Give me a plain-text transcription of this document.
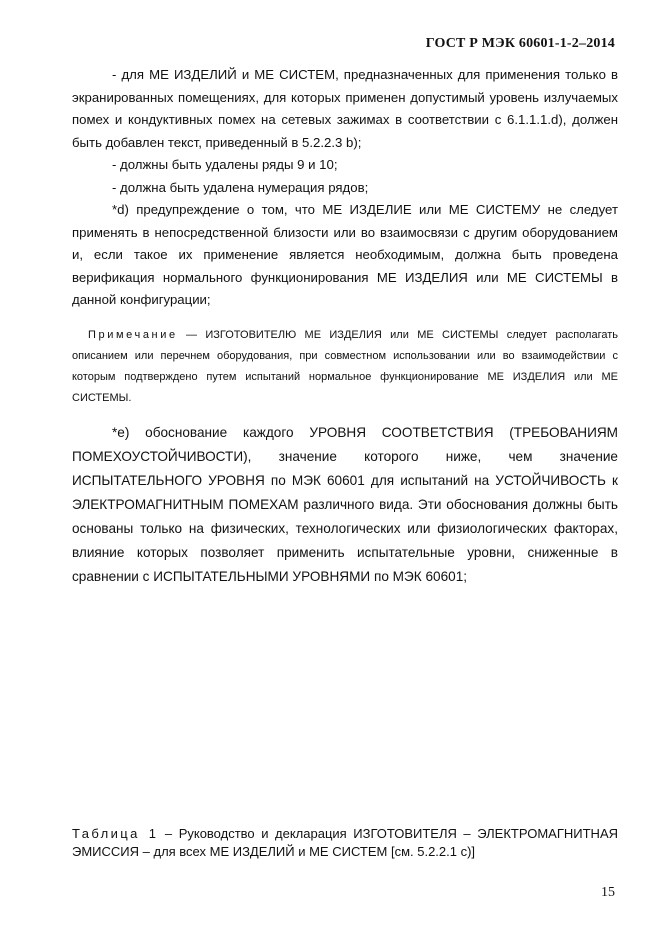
ГОСТ Р МЭК 60601-1-2–2014

- для МЕ ИЗДЕЛИЙ и МЕ СИСТЕМ, предназначенных для применения только в экранированных помещениях, для которых применен допустимый уровень излучаемых помех и кондуктивных помех на сетевых зажимах в соответствии с 6.1.1.1.d), должен быть добавлен текст, приведенный в 5.2.2.3 b);

- должны быть удалены ряды 9 и 10;

- должна быть удалена нумерация рядов;

*d) предупреждение о том, что МЕ ИЗДЕЛИЕ или МЕ СИСТЕМУ не следует применять в непосредственной близости или во взаимосвязи с другим оборудованием и, если такое их применение является необходимым, должна быть проведена верификация нормального функционирования МЕ ИЗДЕЛИЯ или МЕ СИСТЕМЫ в данной конфигурации;

Примечание — ИЗГОТОВИТЕЛЮ МЕ ИЗДЕЛИЯ или МЕ СИСТЕМЫ следует располагать описанием или перечнем оборудования, при совместном использовании или во взаимодействии с которым подтверждено путем испытаний нормальное функционирование МЕ ИЗДЕЛИЯ или МЕ СИСТЕМЫ.

*e) обоснование каждого УРОВНЯ СООТВЕТСТВИЯ (ТРЕБОВАНИЯМ ПОМЕХОУСТОЙЧИВОСТИ), значение которого ниже, чем значение ИСПЫТАТЕЛЬНОГО УРОВНЯ по МЭК 60601 для испытаний на УСТОЙЧИВОСТЬ к ЭЛЕКТРОМАГНИТНЫМ ПОМЕХАМ различного вида. Эти обоснования должны быть основаны только на физических, технологических или физиологических факторах, влияние которых позволяет применить испытательные уровни, сниженные в сравнении с ИСПЫТАТЕЛЬНЫМИ УРОВНЯМИ по МЭК 60601;

Таблица 1 – Руководство и декларация ИЗГОТОВИТЕЛЯ – ЭЛЕКТРОМАГНИТНАЯ ЭМИССИЯ – для всех МЕ ИЗДЕЛИЙ и МЕ СИСТЕМ [см. 5.2.2.1 c)]
15
